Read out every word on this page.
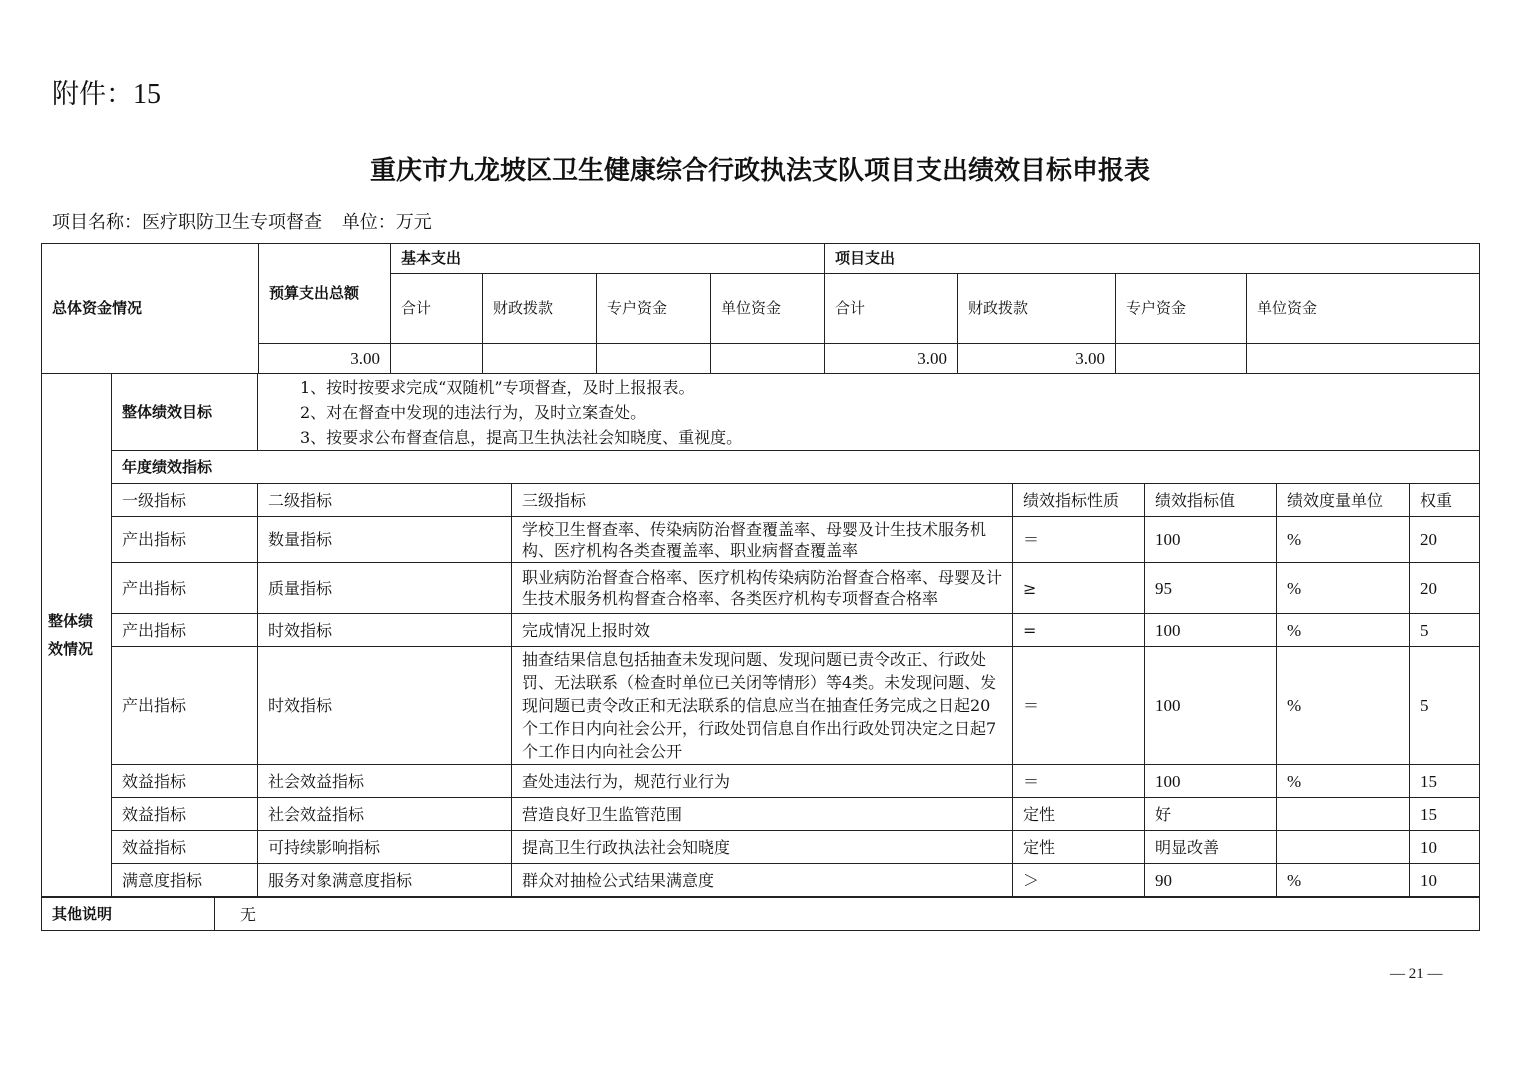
附件：15
重庆市九龙坡区卫生健康综合行政执法支队项目支出绩效目标申报表
项目名称：医疗职防卫生专项督查 单位：万元
总体资金情况	预算支出总额	基本支出				项目支出			
		合计	财政拨款	专户资金	单位资金	合计	财政拨款	专户资金	单位资金
	3.00					3.00	3.00		
整体绩效情况	整体绩效目标	1、按时按要求完成“双随机”专项督查，及时上报报表。
2、对在督查中发现的违法行为，及时立案查处。
3、按要求公布督查信息，提高卫生执法社会知晓度、重视度。					

	年度绩效指标						
	一级指标	二级指标	三级指标	绩效指标性质	绩效指标值	绩效度量单位	权重
	产出指标	数量指标	学校卫生督查率、传染病防治督查覆盖率、母婴及计生技术服务机构、医疗机构各类查覆盖率、职业病督查覆盖率	＝	100	%	20
	产出指标	质量指标	职业病防治督查合格率、医疗机构传染病防治督查合格率、母婴及计生技术服务机构督查合格率、各类医疗机构专项督查合格率	≥	95	%	20
	产出指标	时效指标	完成情况上报时效	=	100	%	5
	产出指标	时效指标	抽查结果信息包括抽查未发现问题、发现问题已责令改正、行政处罚、无法联系（检查时单位已关闭等情形）等4类。未发现问题、发现问题已责令改正和无法联系的信息应当在抽查任务完成之日起20个工作日内向社会公开，行政处罚信息自作出行政处罚决定之日起7个工作日内向社会公开	＝	100	%	5
	效益指标	社会效益指标	查处违法行为，规范行业行为	＝	100	%	15
	效益指标	社会效益指标	营造良好卫生监管范围	定性	好		15
	效益指标	可持续影响指标	提高卫生行政执法社会知晓度	定性	明显改善		10
	满意度指标	服务对象满意度指标	群众对抽检公式结果满意度	＞	90	%	10
其他说明	无
— 21 —
